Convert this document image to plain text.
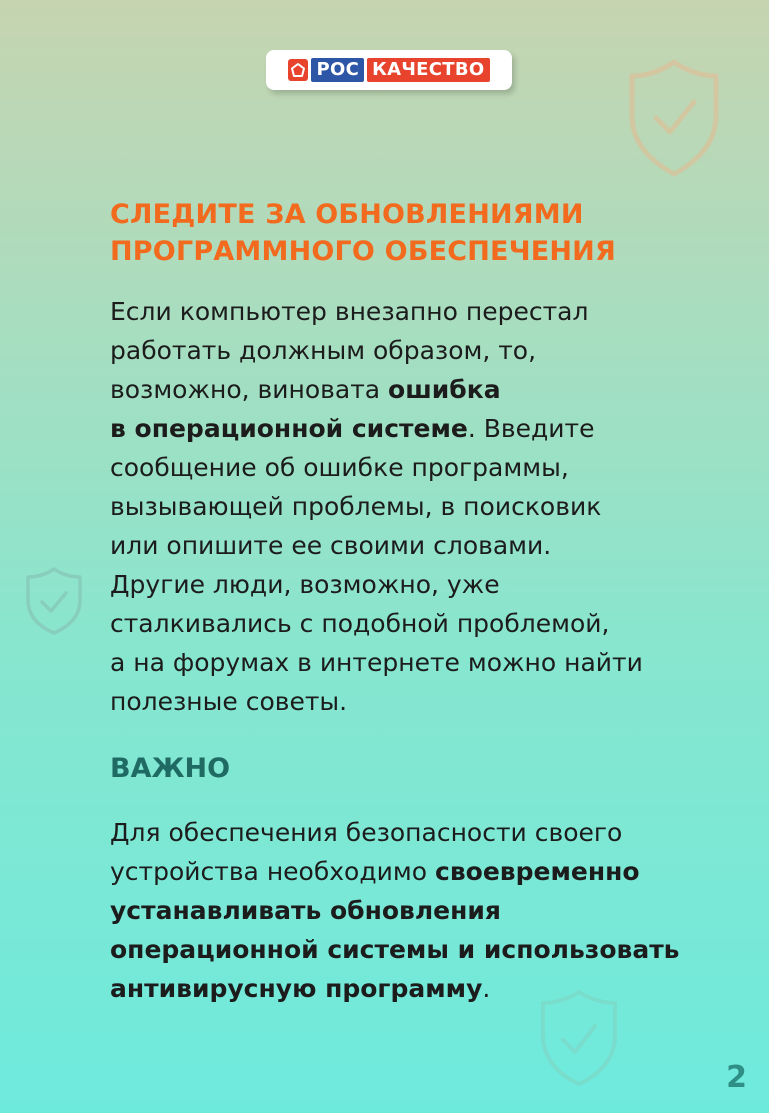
РОС КАЧЕСТВО
СЛЕДИТЕ ЗА ОБНОВЛЕНИЯМИ
ПРОГРАММНОГО ОБЕСПЕЧЕНИЯ

Если компьютер внезапно перестал
работать должным образом, то,
возможно, виновата ошибка
в операционной системе. Введите
сообщение об ошибке программы,
вызывающей проблемы, в поисковик
или опишите ее своими словами.
Другие люди, возможно, уже
сталкивались с подобной проблемой,
а на форумах в интернете можно найти
полезные советы.

ВАЖНО

Для обеспечения безопасности своего
устройства необходимо своевременно
устанавливать обновления
операционной системы и использовать
антивирусную программу.

2
